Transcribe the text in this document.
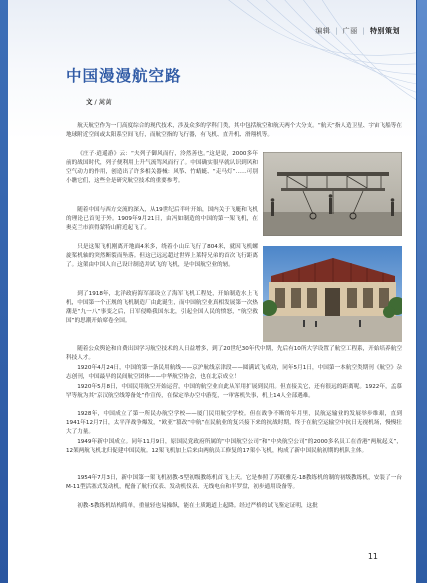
编辑 | 广丽 | 特别策划
中国漫漫航空路
文 / 蓠蓠

航天航空作为一门高度综合的现代技术，涉及众多的学科门类，其中包括航空和航天两个大分支。“航天”指人造卫星、宇宙飞船等在地球附近空间或太阳系空间飞行，而航空指的飞行器，有飞机、直升机、滑翔机等。

《庄子·逍遥游》云：“夫列子御风而行，泠然善也。”这是说，2000多年前的战国时代，列子便利用上升气流驾风而行了。中国确实很早就认识到风和空气动力的作用，创造出了许多相关器械：风筝、竹蜻蜓、“走马灯”……可别小瞧它们，这些全是研究航空技术的重要参考。

随着中国与西方交流的深入，从19世纪后半叶开始，国内关于飞艇和飞机的理论已首见于外。1909年9月21日，由冯如制造的中国的第一架飞机，在奥克兰市滨得蒙特山附近起飞了。

只是这架飞机刚离开地面4米多，绕着小山丘飞行了804米，就因飞机螺旋桨机轴的突然断裂而坠落。但这已远远超过世界上莱特兄弟的首次飞行距离了。这架由中国人自己设计制造并试飞的飞机，是中国航空业的轫。

到了1918年，北洋政府海军部设立了海军飞机工程处，开始制造水上飞机，中国第一个正规的飞机制造厂由此诞生，而中国航空业真相发展第一次热潮是“九一八”事变之后，日军侵略我国东北，引起全国人民的愤怒，“航空救国”的思潮开始席卷全国。

随着公众舆论和自费出国学习航空技术的人日益增多，到了20世纪30年代中期，先后有10所大学设置了航空工程系，开始培养航空科技人才。

1920年4月24日，中国的第一条民用航线——京沪航线京津段——圆满试飞成功，同年5月1日，中国第一本航空类期刊《航空》杂志创刊，中国最早的民间航空团体——中华航空协会，也在北京成立！

1920年5月8日，中国民用航空开始运营，中国的航空业自此从军用扩展到民用。但直接关它，还有很远的距离呢。1922年，孟慕罕等航为其“京汉航空线筹备处”作宣传，在保定举办空中游览，一审客机失事，机上14人全部遇难。

1928年，中国成立了第一所民办航空学校——厦门民用航空学校。但在战争不断的年月里，民航运输业的发展举步维艰，直到1941年12月7日，太平洋战争爆发，“欧亚”篡改“中航”在民航业的复兴接下来的抗战时期，终于在航空运输空中抗日无视机场，慢慢壮大了力量。

1949年新中国成立。同年11月9日，原国民党政府所属的“中国航空公司”和“中央航空公司”的2000多名员工在香港“两航起义”，12架两航飞机北归促建中国民航。12架飞机加上后来由两航员工修复的17架小飞机，构成了新中国民航初期的机队主体。

1954年7月3日，新中国第一架飞机初教-5型初级教练机首飞上天。它是参照了苏联雅克-18教练机的制的初级教练机，安装了一台M-11型活塞式发动机，配备了航行仪表、发动机仪表、无线电台和半罗盘，初步通用设备等。

初教-5教练机结构简单，重量轻也易操纵，能在土质跑道上起降。经过严格的试飞鉴定证明，这批

11
